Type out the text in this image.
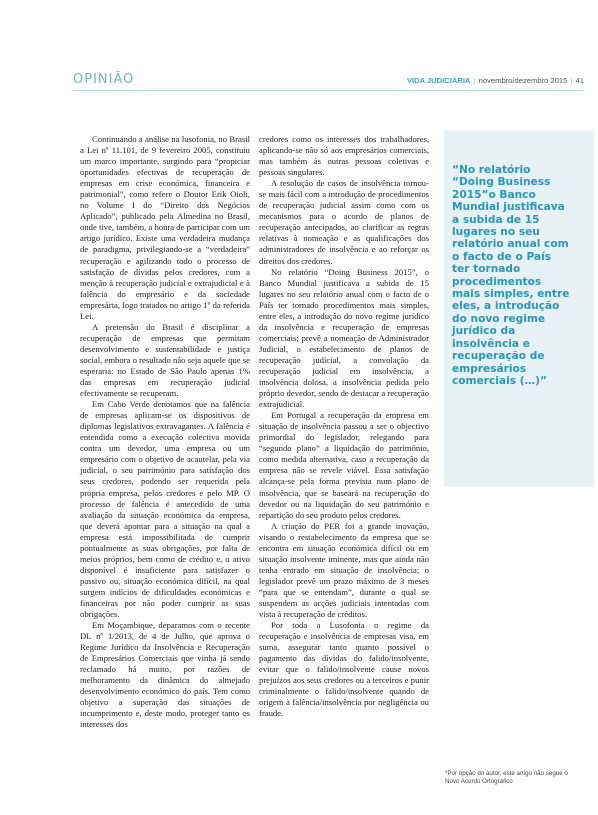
OPINIÃO	VIDA JUDICIÁRIA | novembro/dezembro 2015 | 41

Continuando a análise na lusofonia, no Brasil a Lei nº 11.101, de 9 fevereiro 2005, constituiu um marco importante, surgindo para “propiciar oportunidades efectivas de recuperação de empresas em crise económica, financeira e patrimonial”, como refere o Doutor Erik Oioli, no Volume I do “Direito dos Negócios Aplicado”, publicado pela Almedina no Brasil, onde tive, também, a honra de participar com um artigo jurídico. Existe uma verdadeira mudança de paradigma, privilegiando-se a “verdadeira” recuperação e agilizando todo o processo de satisfação de dívidas pelos credores, com a menção à recuperação judicial e extrajudicial e à falência do empresário e da sociedade empresária, logo tratados no artigo 1º da referida Lei.

A pretensão do Brasil é disciplinar a recuperação de empresas que permitam desenvolvimento e sustentabilidade e justiça social, embora o resultado não seja aquele que se esperaria: no Estado de São Paulo apenas 1% das empresas em recuperação judicial efectivamente se recuperam.

Em Cabo Verde denotamos que na falência de empresas aplicam-se os dispositivos de diplomas legislativos extravagantes. A falência é entendida como a execução colectiva movida contra um devedor, uma empresa ou um empresário com o objetivo de acautelar, pela via judicial, o seu património para satisfação dos seus credores, podendo ser requerida pela própria empresa, pelos credores e pelo MP. O processo de falência é antecedido de uma avaliação da situação económica da empresa, que deverá apontar para a situação na qual a empresa está impossibilitada de cumprir pontualmente as suas obrigações, por falta de meios próprios, bem como de crédito e, o ativo disponível é insuficiente para satisfazer o passivo ou, situação económica difícil, na qual surgem indícios de dificuldades económicas e financeiras por não poder cumprir as suas obrigações.

Em Moçambique, deparamos com o recente DL nº 1/2013, de 4 de Julho, que aprova o Regime Jurídico da Insolvência e Recuperação de Empresários Comerciais que vinha já sendo reclamado há muito, por razões de melhoramento da dinâmica do almejado desenvolvimento económico do país. Tem como objetivo a superação das situações de incumprimento e, deste modo, proteger tanto os interesses dos

credores como os interesses dos trabalhadores, aplicando-se não só aos empresários comerciais, mas também às outras pessoas coletivas e pessoas singulares.

A resolução de casos de insolvência tornou-se mais fácil com a introdução de procedimentos de recuperação judicial assim como com os mecanismos para o acordo de planos de recuperação antecipados, ao clarificar as regras relativas à nomeação e as qualificações dos administradores de insolvência e ao reforçar os direitos dos credores.

No relatório “Doing Business 2015”, o Banco Mundial justificava a subida de 15 lugares no seu relatório anual com o facto de o País ter tornado procedimentos mais simples, entre eles, a introdução do novo regime jurídico da insolvência e recuperação de empresas comerciais; prevê a nomeação de Administrador Judicial, o estabelecimento de planos de recuperação judicial, a convolação da recuperação judicial em insolvência, a insolvência dolosa, a insolvência pedida pelo próprio devedor, sendo de destacar a recuperação extrajudicial.

Em Portugal a recuperação da empresa em situação de insolvência passou a ser o objectivo primordial do legislador, relegando para “segundo plano” a liquidação do património, como medida alternativa, caso a recuperação da empresa não se revele viável. Essa satisfação alcança-se pela forma prevista num plano de insolvência, que se baseará na recuperação do devedor ou na liquidação do seu património e repartição do seu produto pelos credores.

A criação do PER foi a grande inovação, visando o restabelecimento da empresa que se encontra em situação económica difícil ou em situação insolvente iminente, mas que ainda não tenha entrado em situação de insolvência; o legislador prevê um prazo máximo de 3 meses “para que se entendam”, durante o qual se suspendem as acções judiciais intentadas com vista à recuperação de créditos.

Por toda a Lusofonia o regime da recuperação e insolvência de empresas visa, em suma, assegurar tanto quanto possível o pagamento das dívidas do falido/insolvente, evitar que o falido/insolvente cause novos prejuízos aos seus credores ou a terceiros e punir criminalmente o falido/insolvente quando de origem à falência/insolvência por negligência ou fraude.

“No relatório “Doing Business 2015”o Banco Mundial justificava a subida de 15 lugares no seu relatório anual com o facto de o País ter tornado procedimentos mais simples, entre eles, a introdução do novo regime jurídico da insolvência e recuperação de empresários comerciais (…)”
*Por opção do autor, este artigo não segue o Novo Acordo Ortográfico
